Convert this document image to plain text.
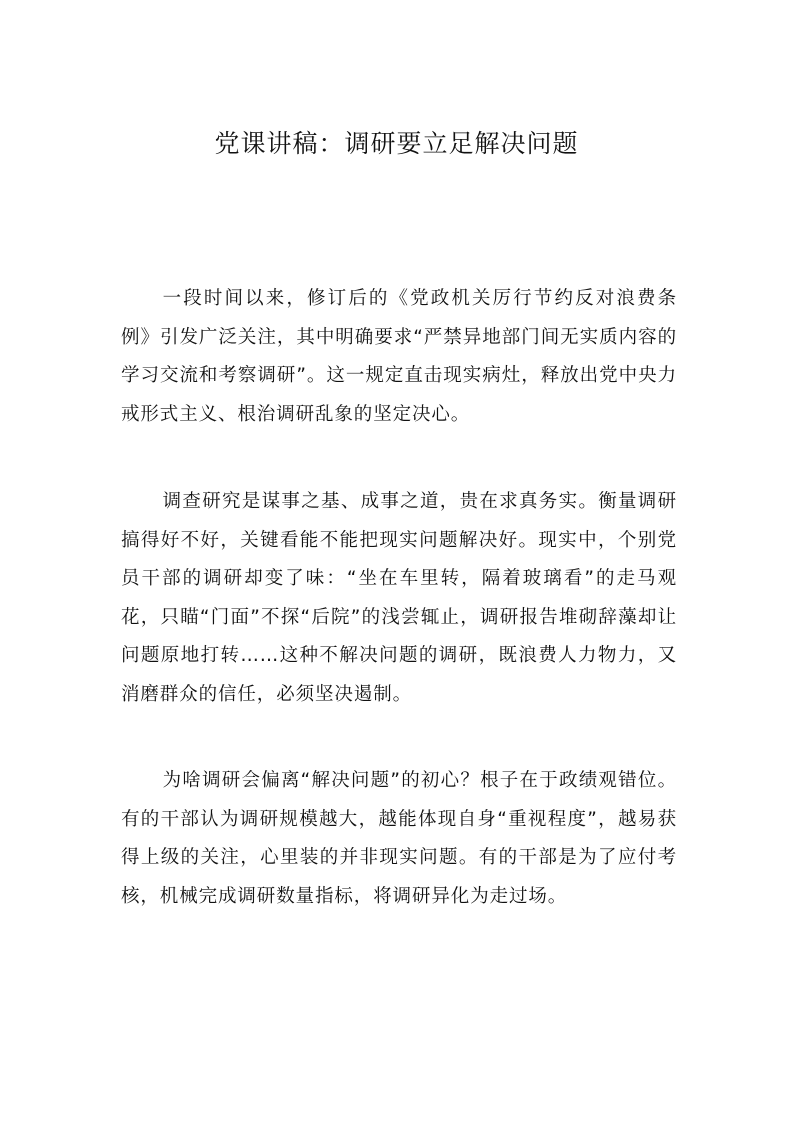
党课讲稿：调研要立足解决问题

一段时间以来，修订后的《党政机关厉行节约反对浪费条例》引发广泛关注，其中明确要求“严禁异地部门间无实质内容的学习交流和考察调研”。这一规定直击现实病灶，释放出党中央力戒形式主义、根治调研乱象的坚定决心。

调查研究是谋事之基、成事之道，贵在求真务实。衡量调研搞得好不好，关键看能不能把现实问题解决好。现实中，个别党员干部的调研却变了味：“坐在车里转，隔着玻璃看”的走马观花，只瞄“门面”不探“后院”的浅尝辄止，调研报告堆砌辞藻却让问题原地打转……这种不解决问题的调研，既浪费人力物力，又消磨群众的信任，必须坚决遏制。

为啥调研会偏离“解决问题”的初心？根子在于政绩观错位。有的干部认为调研规模越大，越能体现自身“重视程度”，越易获得上级的关注，心里装的并非现实问题。有的干部是为了应付考核，机械完成调研数量指标，将调研异化为走过场。
